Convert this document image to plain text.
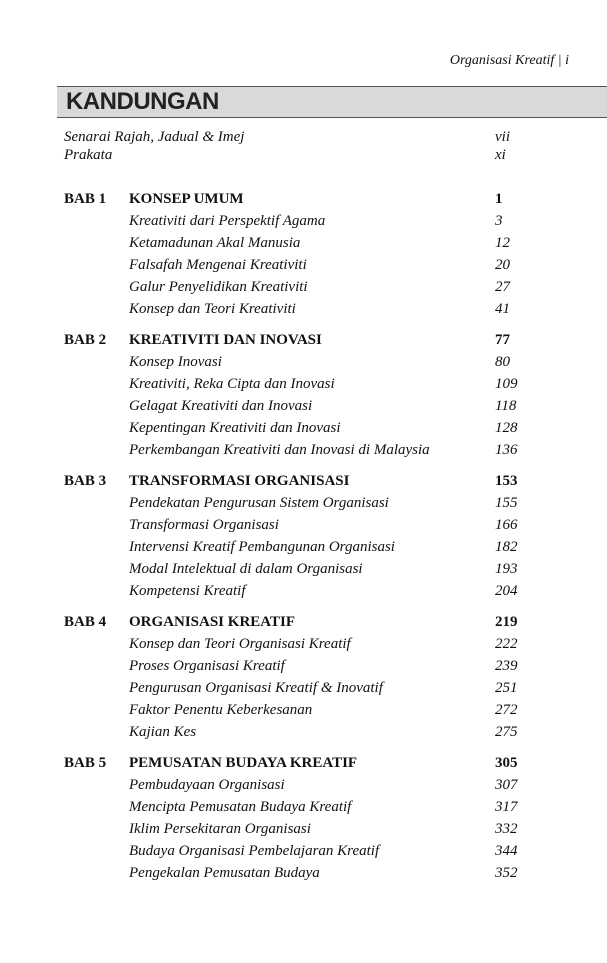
Organisasi Kreatif | i
KANDUNGAN
Senarai Rajah, Jadual & Imej	vii
Prakata	xi
BAB 1 KONSEP UMUM	1
Kreativiti dari Perspektif Agama	3
Ketamadunan Akal Manusia	12
Falsafah Mengenai Kreativiti	20
Galur Penyelidikan Kreativiti	27
Konsep dan Teori Kreativiti	41
BAB 2 KREATIVITI DAN INOVASI	77
Konsep Inovasi	80
Kreativiti, Reka Cipta dan Inovasi	109
Gelagat Kreativiti dan Inovasi	118
Kepentingan Kreativiti dan Inovasi	128
Perkembangan Kreativiti dan Inovasi di Malaysia	136
BAB 3 TRANSFORMASI ORGANISASI	153
Pendekatan Pengurusan Sistem Organisasi	155
Transformasi Organisasi	166
Intervensi Kreatif Pembangunan Organisasi	182
Modal Intelektual di dalam Organisasi	193
Kompetensi Kreatif	204
BAB 4 ORGANISASI KREATIF	219
Konsep dan Teori Organisasi Kreatif	222
Proses Organisasi Kreatif	239
Pengurusan Organisasi Kreatif & Inovatif	251
Faktor Penentu Keberkesanan	272
Kajian Kes	275
BAB 5 PEMUSATAN BUDAYA KREATIF	305
Pembudayaan Organisasi	307
Mencipta Pemusatan Budaya Kreatif	317
Iklim Persekitaran Organisasi	332
Budaya Organisasi Pembelajaran Kreatif	344
Pengekalan Pemusatan Budaya	352
